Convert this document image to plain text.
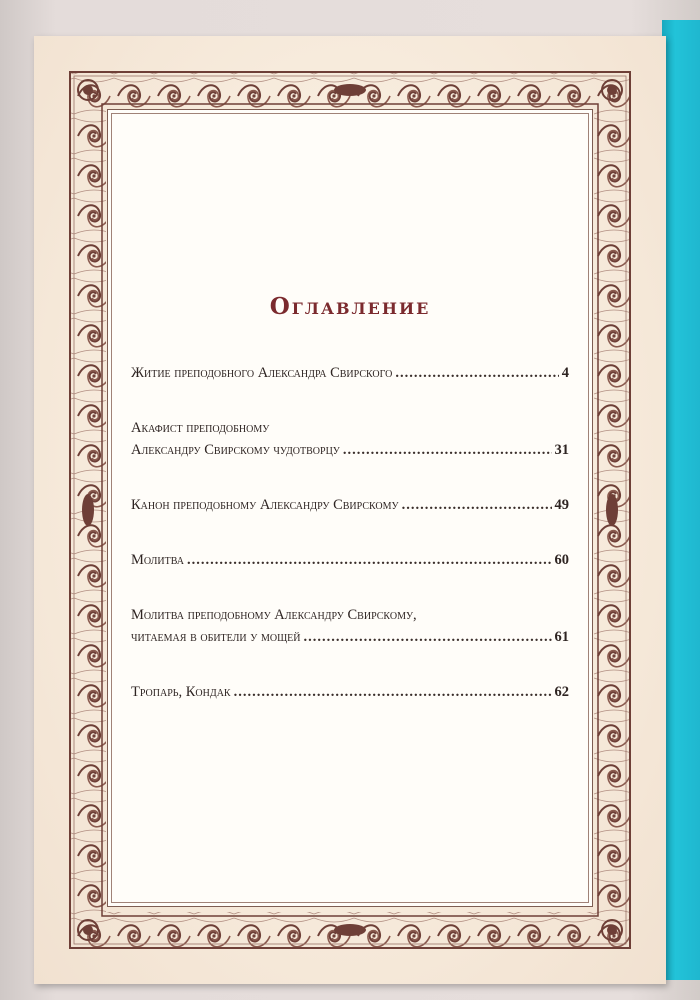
Оглавление
Житие преподобного Александра Свирского .....	4
Акафист преподобному
Александру Свирскому чудотворцу .....	31
Канон преподобному Александру Свирскому .....	49
Молитва .....	60
Молитва преподобному Александру Свирскому,
читаемая в обители у мощей .....	61
Тропарь, Кондак .....	62
